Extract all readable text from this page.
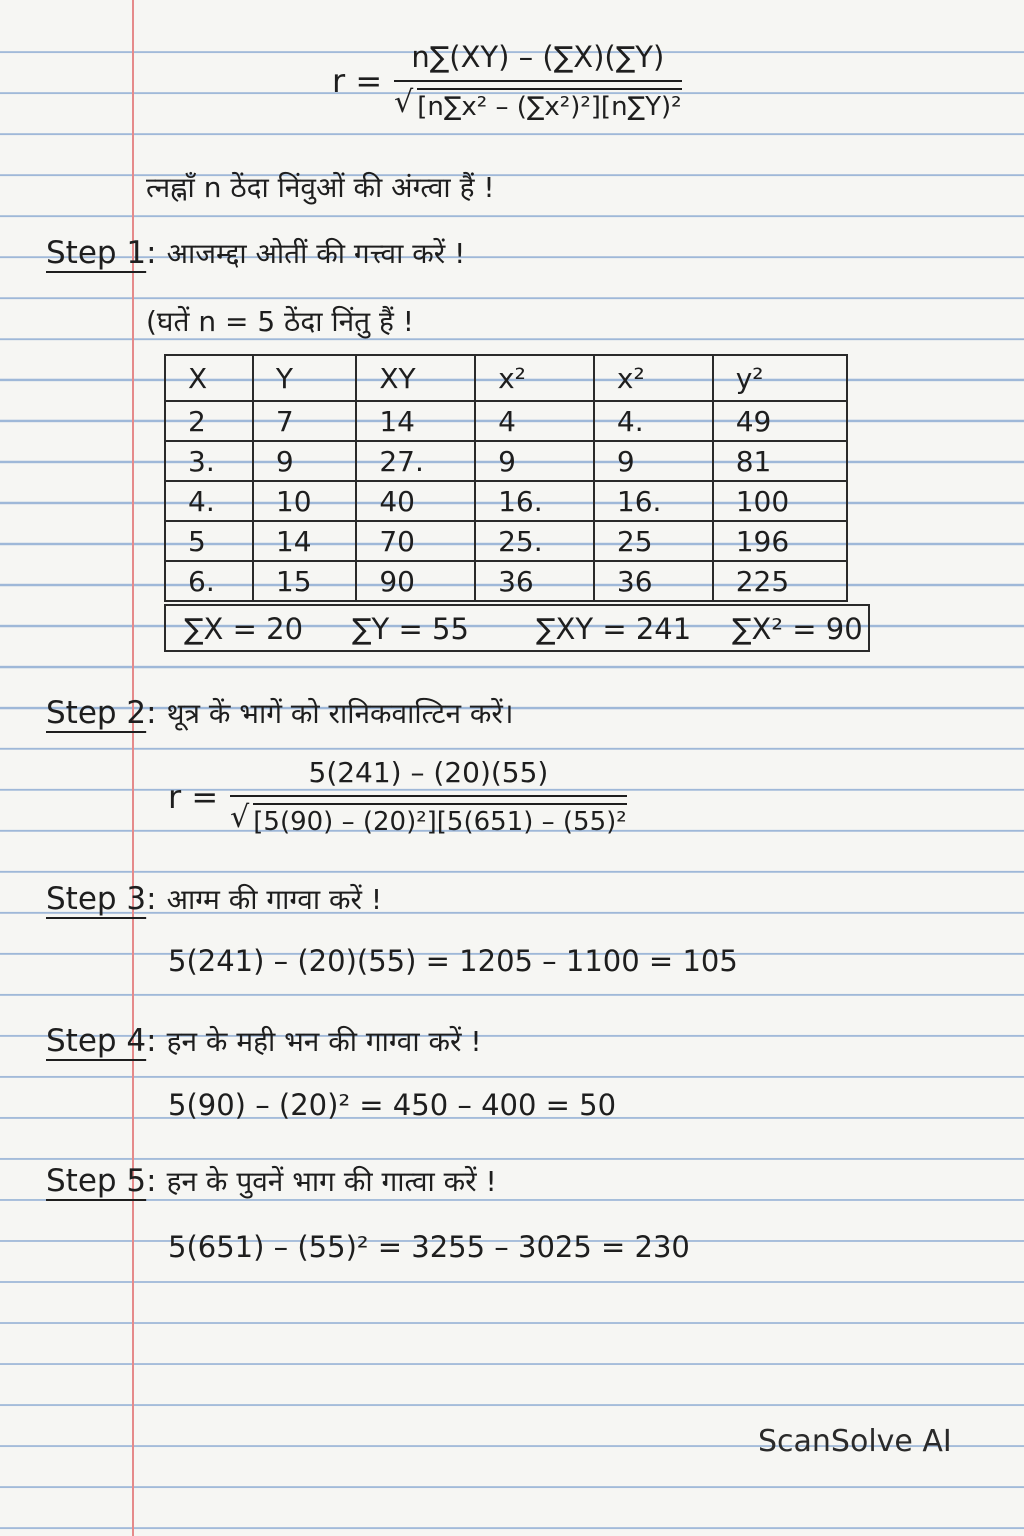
$r = \frac{n\sum(XY) - (\sum X)(\sum Y)}{\text{√ [n∑x² – (∑x²)²][n∑Y)²}}$
त्नह्नॉं n ठेंदा निंवुओं की अंग्त्वा हैं !
Step 1: आजम्द्दा ओतीं की गत्त्वा करें !
(घतें n = 5 ठेंदा निंतु हैं !
X	Y	XY	x²	x²	y²
2	7	14	4	4.	49
3.	9	27.	9	9	81
4.	10	40	16.	16.	100
5	14	70	25.	25	196
6.	15	90	36	36	225
∑X = 20 ∑Y = 55 ∑XY = 241 ∑X² = 90
Step 2: थूत्र कें भागें को रानिकवात्टिन करें।
$r = \frac{5(241) - (20)(55)}{\text{√ [5(90) – (20)²][5(651) – (55)²}}$
Step 3: आग्म की गाग्वा करें !
5(241) – (20)(55) = 1205 – 1100 = 105
Step 4: हन के मही भन की गाग्वा करें !
5(90) – (20)² = 450 – 400 = 50
Step 5: हन के पुवनें भाग की गात्वा करें !
5(651) – (55)² = 3255 – 3025 = 230
ScanSolve AI
